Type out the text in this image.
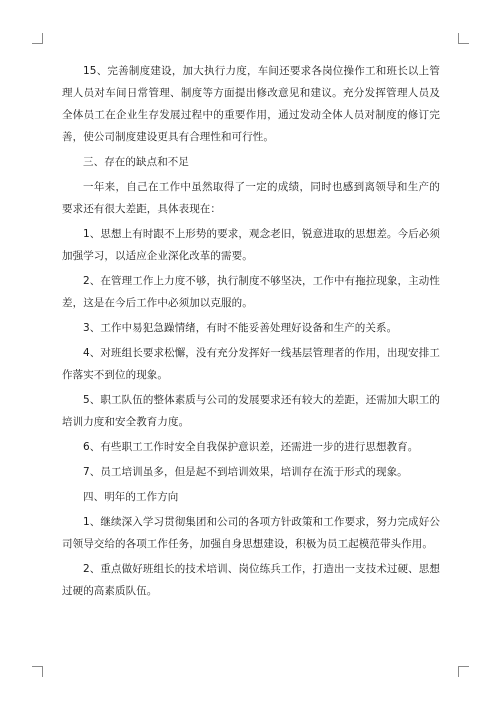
15、完善制度建设，加大执行力度，车间还要求各岗位操作工和班长以上管理人员对车间日常管理、制度等方面提出修改意见和建议。充分发挥管理人员及全体员工在企业生存发展过程中的重要作用，通过发动全体人员对制度的修订完善，使公司制度建设更具有合理性和可行性。

三、存在的缺点和不足

一年来，自己在工作中虽然取得了一定的成绩，同时也感到离领导和生产的要求还有很大差距，具体表现在：

1、思想上有时跟不上形势的要求，观念老旧，锐意进取的思想差。今后必须加强学习，以适应企业深化改革的需要。

2、在管理工作上力度不够，执行制度不够坚决，工作中有拖拉现象，主动性差，这是在今后工作中必须加以克服的。

3、工作中易犯急躁情绪，有时不能妥善处理好设备和生产的关系。

4、对班组长要求松懈，没有充分发挥好一线基层管理者的作用，出现安排工作落实不到位的现象。

5、职工队伍的整体素质与公司的发展要求还有较大的差距，还需加大职工的培训力度和安全教育力度。

6、有些职工工作时安全自我保护意识差，还需进一步的进行思想教育。

7、员工培训虽多，但是起不到培训效果，培训存在流于形式的现象。

四、明年的工作方向

1、继续深入学习贯彻集团和公司的各项方针政策和工作要求，努力完成好公司领导交给的各项工作任务，加强自身思想建设，积极为员工起模范带头作用。

2、重点做好班组长的技术培训、岗位练兵工作，打造出一支技术过硬、思想过硬的高素质队伍。
